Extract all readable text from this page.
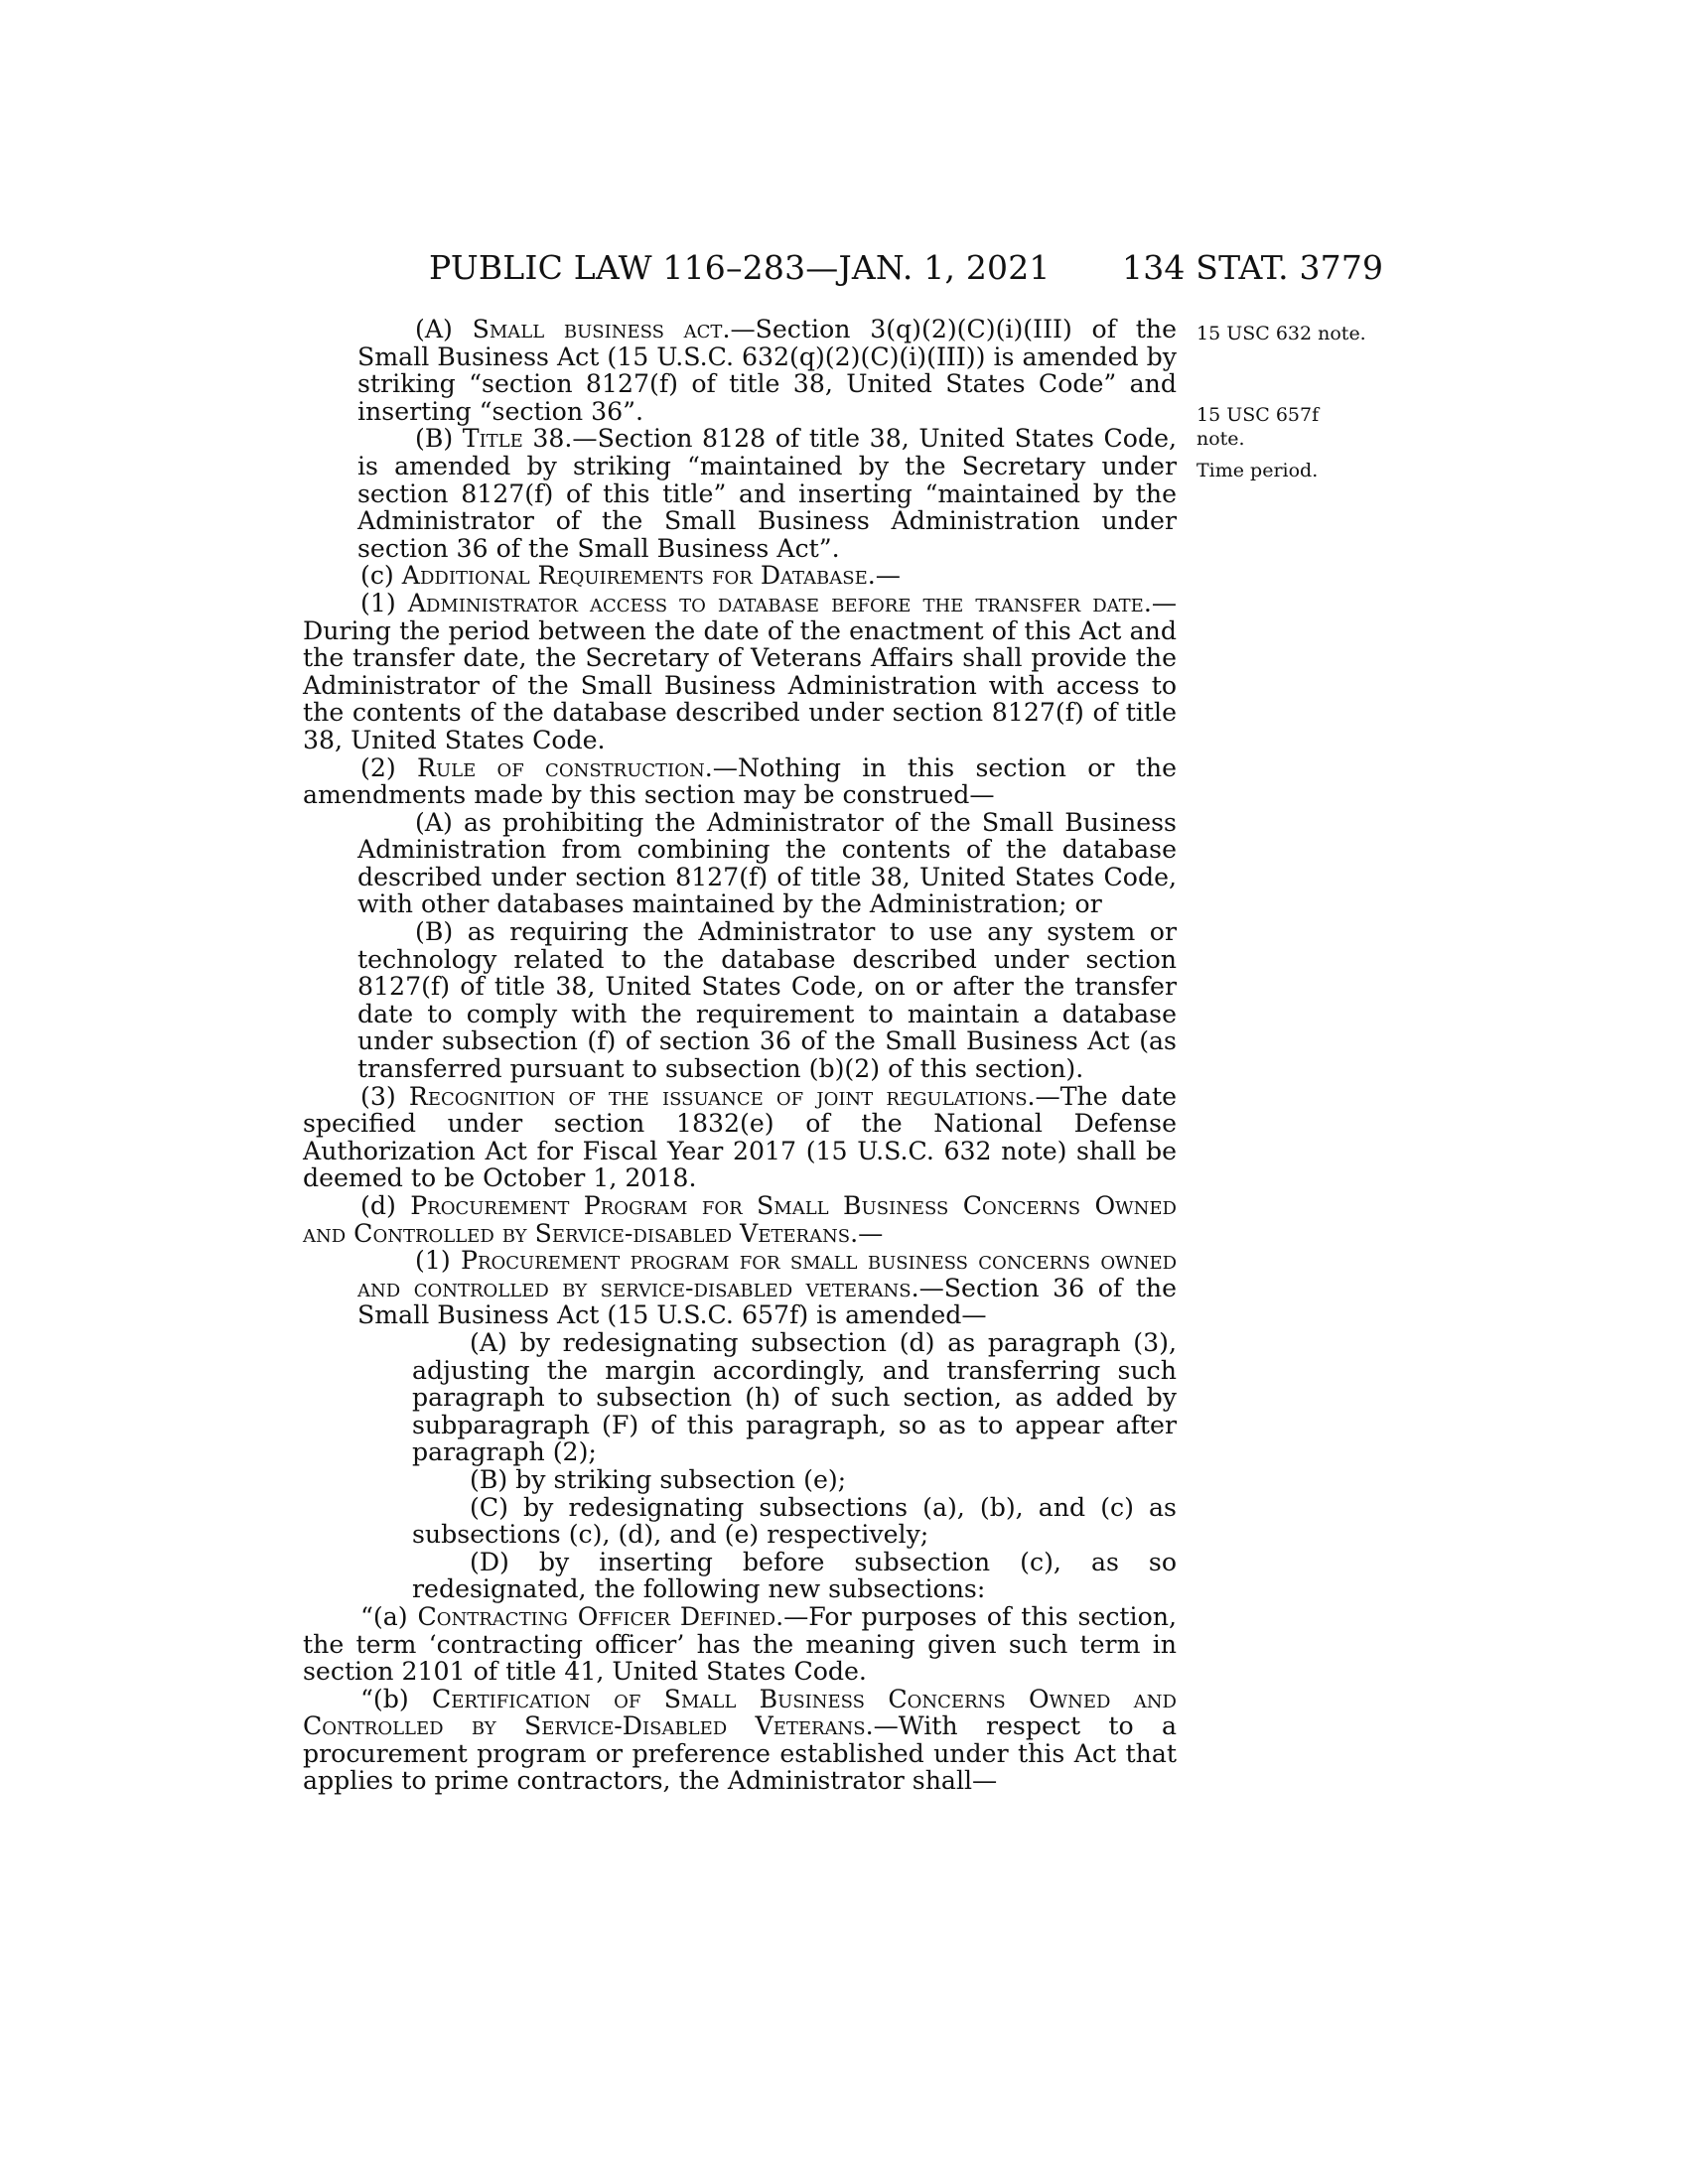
PUBLIC LAW 116–283—JAN. 1, 2021 134 STAT. 3779
15 USC 632 note.
15 USC 657f
note.
Time period.

(A) Small business act.—Section 3(q)(2)(C)(i)(III) of the Small Business Act (15 U.S.C. 632(q)(2)(C)(i)(III)) is amended by striking “section 8127(f) of title 38, United States Code” and inserting “section 36”.

(B) Title 38.—Section 8128 of title 38, United States Code, is amended by striking “maintained by the Secretary under section 8127(f) of this title” and inserting “maintained by the Administrator of the Small Business Administration under section 36 of the Small Business Act”.

(c) Additional Requirements for Database.—

(1) Administrator access to database before the transfer date.—During the period between the date of the enactment of this Act and the transfer date, the Secretary of Veterans Affairs shall provide the Administrator of the Small Business Administration with access to the contents of the database described under section 8127(f) of title 38, United States Code.

(2) Rule of construction.—Nothing in this section or the amendments made by this section may be construed—

(A) as prohibiting the Administrator of the Small Business Administration from combining the contents of the database described under section 8127(f) of title 38, United States Code, with other databases maintained by the Administration; or

(B) as requiring the Administrator to use any system or technology related to the database described under section 8127(f) of title 38, United States Code, on or after the transfer date to comply with the requirement to maintain a database under subsection (f) of section 36 of the Small Business Act (as transferred pursuant to subsection (b)(2) of this section).

(3) Recognition of the issuance of joint regulations.—The date specified under section 1832(e) of the National Defense Authorization Act for Fiscal Year 2017 (15 U.S.C. 632 note) shall be deemed to be October 1, 2018.

(d) Procurement Program for Small Business Concerns Owned and Controlled by Service-disabled Veterans.—

(1) Procurement program for small business concerns owned and controlled by service-disabled veterans.—Section 36 of the Small Business Act (15 U.S.C. 657f) is amended—

(A) by redesignating subsection (d) as paragraph (3), adjusting the margin accordingly, and transferring such paragraph to subsection (h) of such section, as added by subparagraph (F) of this paragraph, so as to appear after paragraph (2);

(B) by striking subsection (e);

(C) by redesignating subsections (a), (b), and (c) as subsections (c), (d), and (e) respectively;

(D) by inserting before subsection (c), as so redesignated, the following new subsections:

“(a) Contracting Officer Defined.—For purposes of this section, the term ‘contracting officer’ has the meaning given such term in section 2101 of title 41, United States Code.

“(b) Certification of Small Business Concerns Owned and Controlled by Service-Disabled Veterans.—With respect to a procurement program or preference established under this Act that applies to prime contractors, the Administrator shall—
